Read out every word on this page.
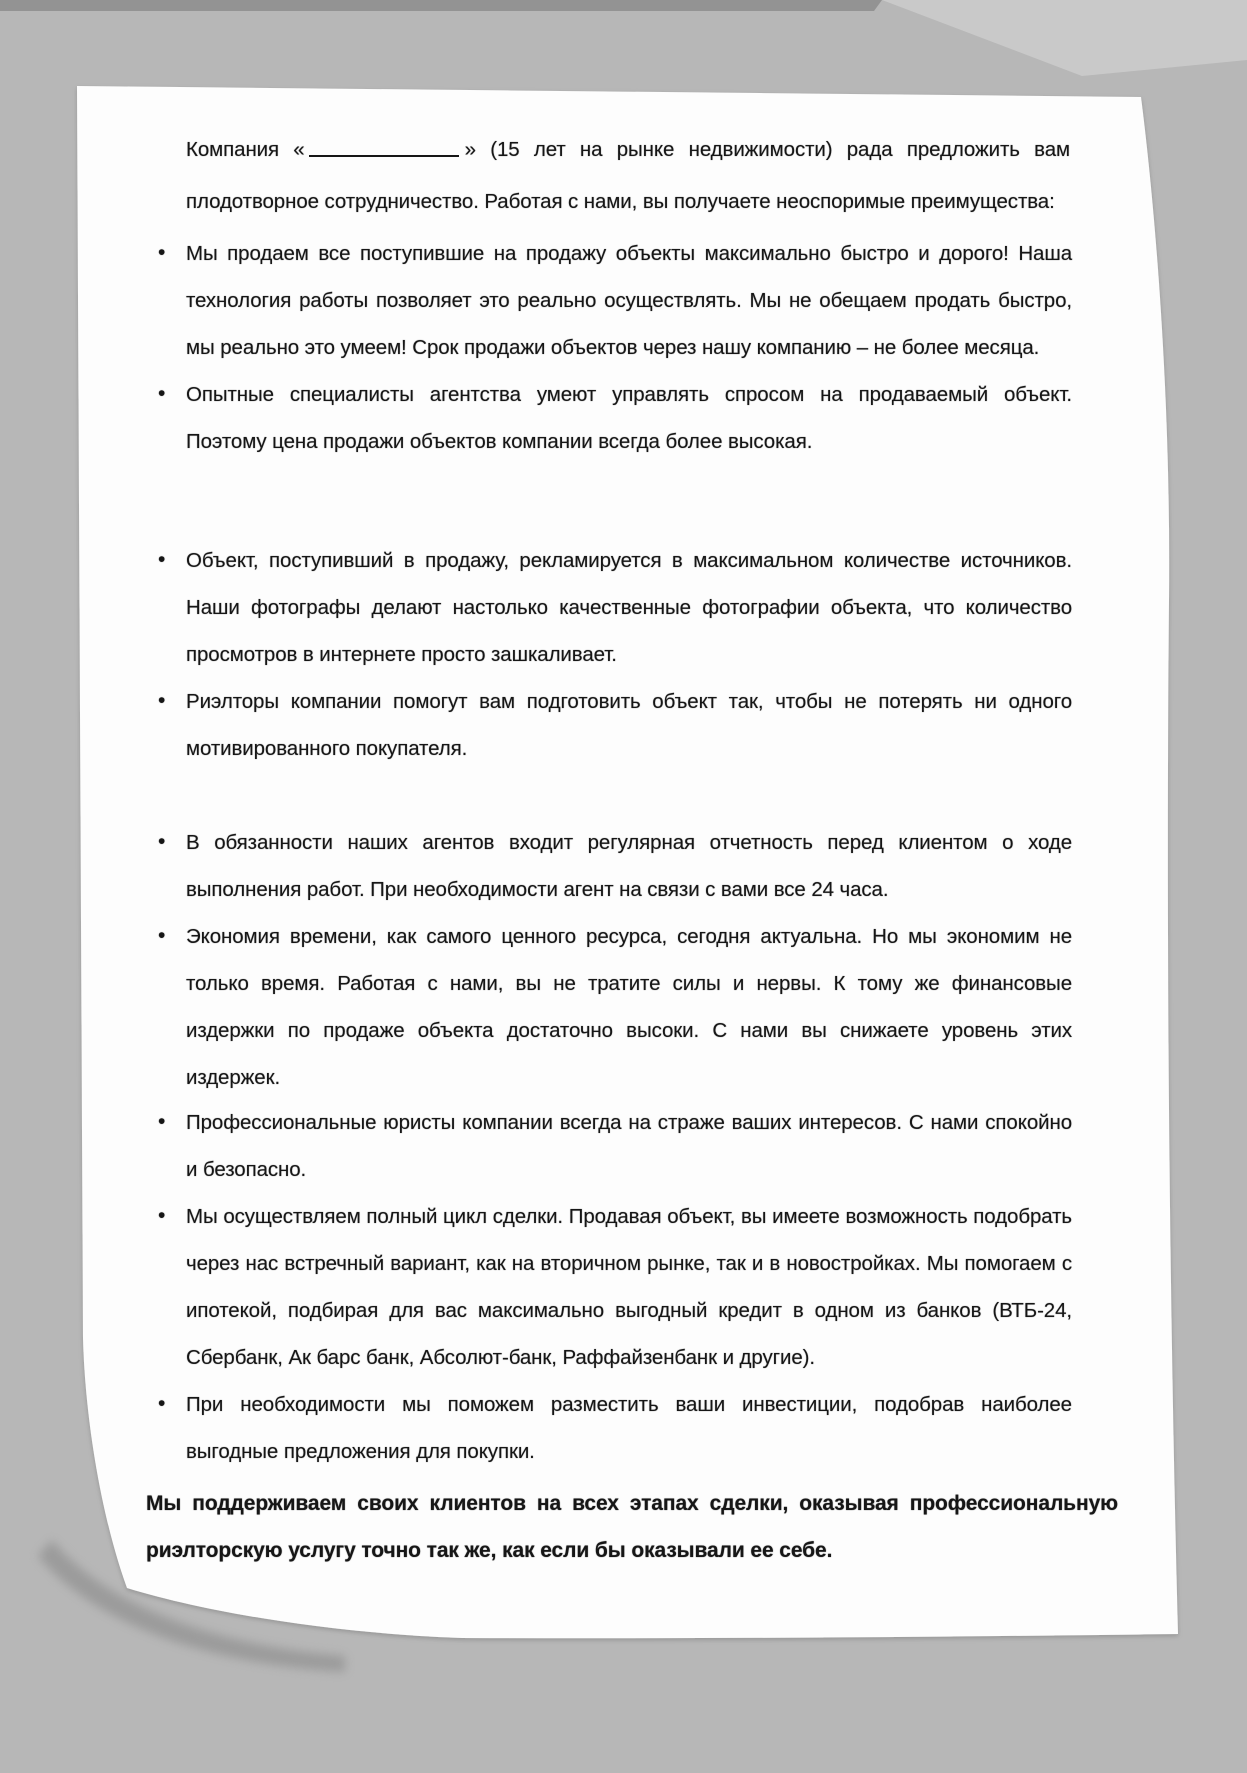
Компания «	» (15 лет на рынке недвижимости) рада предложить вам плодотворное сотрудничество. Работая с нами, вы получаете неоспоримые преимущества:

•	Мы продаем все поступившие на продажу объекты максимально быстро и дорого! Наша технология работы позволяет это реально осуществлять. Мы не обещаем продать быстро, мы реально это умеем! Срок продажи объектов через нашу компанию – не более месяца.

•	Опытные специалисты агентства умеют управлять спросом на продаваемый объект. Поэтому цена продажи объектов компании всегда более высокая.

•	Объект, поступивший в продажу, рекламируется в максимальном количестве источников. Наши фотографы делают настолько качественные фотографии объекта, что количество просмотров в интернете просто зашкаливает.

•	Риэлторы компании помогут вам подготовить объект так, чтобы не потерять ни одного мотивированного покупателя.

•	В обязанности наших агентов входит регулярная отчетность перед клиентом о ходе выполнения работ. При необходимости агент на связи с вами все 24 часа.

•	Экономия времени, как самого ценного ресурса, сегодня актуальна. Но мы экономим не только время. Работая с нами, вы не тратите силы и нервы. К тому же финансовые издержки по продаже объекта достаточно высоки. С нами вы снижаете уровень этих издержек.

•	Профессиональные юристы компании всегда на страже ваших интересов. С нами спокойно и безопасно.

•	Мы осуществляем полный цикл сделки. Продавая объект, вы имеете возможность подобрать через нас встречный вариант, как на вторичном рынке, так и в новостройках. Мы помогаем с ипотекой, подбирая для вас максимально выгодный кредит в одном из банков (ВТБ-24, Сбербанк, Ак барс банк, Абсолют-банк, Раффайзенбанк и другие).

•	При необходимости мы поможем разместить ваши инвестиции, подобрав наиболее выгодные предложения для покупки.

Мы поддерживаем своих клиентов на всех этапах сделки, оказывая профессиональную риэлторскую услугу точно так же, как если бы оказывали ее себе.
